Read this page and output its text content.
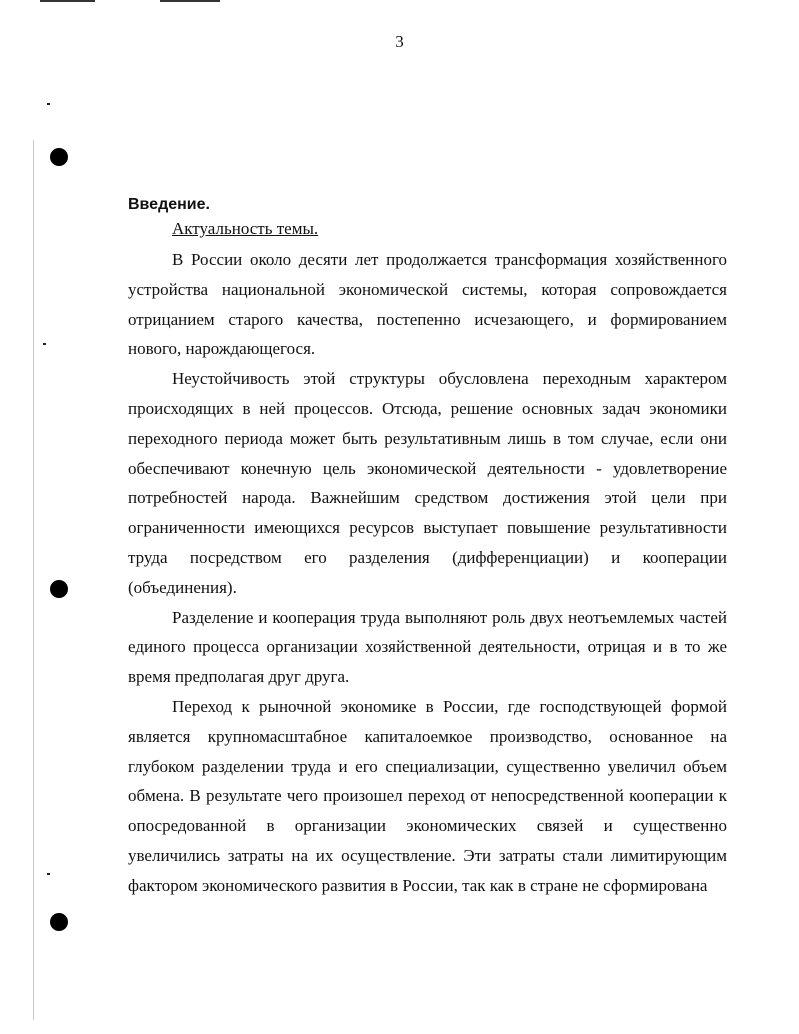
3
Введение.
Актуальность темы.

В России около десяти лет продолжается трансформация хозяйственного устройства национальной экономической системы, которая сопровождается отрицанием старого качества, постепенно исчезающего, и формированием нового, нарождающегося.

Неустойчивость этой структуры обусловлена переходным характером происходящих в ней процессов. Отсюда, решение основных задач экономики переходного периода может быть результативным лишь в том случае, если они обеспечивают конечную цель экономической деятельности - удовлетворение потребностей народа. Важнейшим средством достижения этой цели при ограниченности имеющихся ресурсов выступает повышение результативности труда посредством его разделения (дифференциации) и кооперации (объединения).

Разделение и кооперация труда выполняют роль двух неотъемлемых частей единого процесса организации хозяйственной деятельности, отрицая и в то же время предполагая друг друга.

Переход к рыночной экономике в России, где господствующей формой является крупномасштабное капиталоемкое производство, основанное на глубоком разделении труда и его специализации, существенно увеличил объем обмена. В результате чего произошел переход от непосредственной кооперации к опосредованной в организации экономических связей и существенно увеличились затраты на их осуществление. Эти затраты стали лимитирующим фактором экономического развития в России, так как в стране не сформирована
